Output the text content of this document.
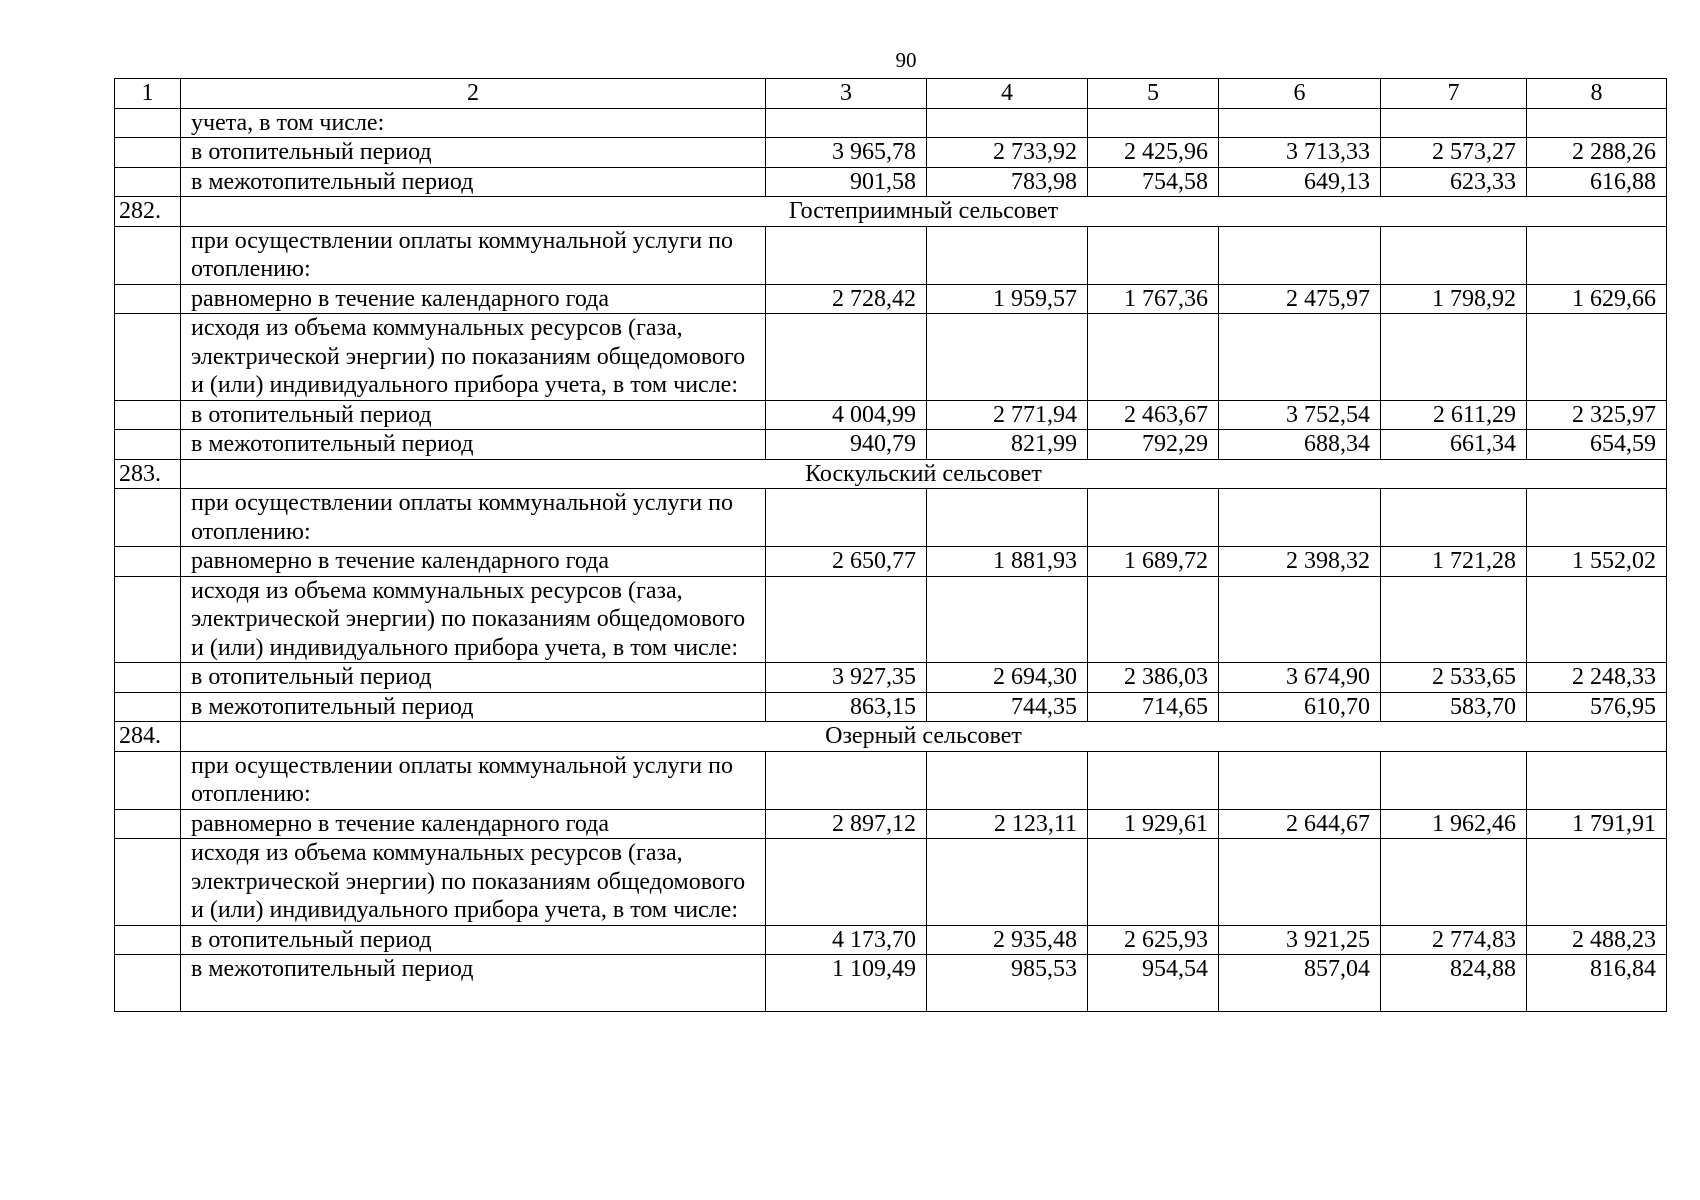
90
1	2	3	4	5	6	7	8
	учета, в том числе:						
	в отопительный период	3 965,78	2 733,92	2 425,96	3 713,33	2 573,27	2 288,26
	в межотопительный период	901,58	783,98	754,58	649,13	623,33	616,88
282.	Гостеприимный сельсовет						
	при осуществлении оплаты коммунальной услуги по отоплению:						
	равномерно в течение календарного года	2 728,42	1 959,57	1 767,36	2 475,97	1 798,92	1 629,66
	исходя из объема коммунальных ресурсов (газа, электрической энергии) по показаниям общедомового и (или) индивидуального прибора учета, в том числе:						
	в отопительный период	4 004,99	2 771,94	2 463,67	3 752,54	2 611,29	2 325,97
	в межотопительный период	940,79	821,99	792,29	688,34	661,34	654,59
283.	Коскульский сельсовет						
	при осуществлении оплаты коммунальной услуги по отоплению:						
	равномерно в течение календарного года	2 650,77	1 881,93	1 689,72	2 398,32	1 721,28	1 552,02
	исходя из объема коммунальных ресурсов (газа, электрической энергии) по показаниям общедомового и (или) индивидуального прибора учета, в том числе:						
	в отопительный период	3 927,35	2 694,30	2 386,03	3 674,90	2 533,65	2 248,33
	в межотопительный период	863,15	744,35	714,65	610,70	583,70	576,95
284.	Озерный сельсовет						
	при осуществлении оплаты коммунальной услуги по отоплению:						
	равномерно в течение календарного года	2 897,12	2 123,11	1 929,61	2 644,67	1 962,46	1 791,91
	исходя из объема коммунальных ресурсов (газа, электрической энергии) по показаниям общедомового и (или) индивидуального прибора учета, в том числе:						
	в отопительный период	4 173,70	2 935,48	2 625,93	3 921,25	2 774,83	2 488,23
	в межотопительный период	1 109,49	985,53	954,54	857,04	824,88	816,84
